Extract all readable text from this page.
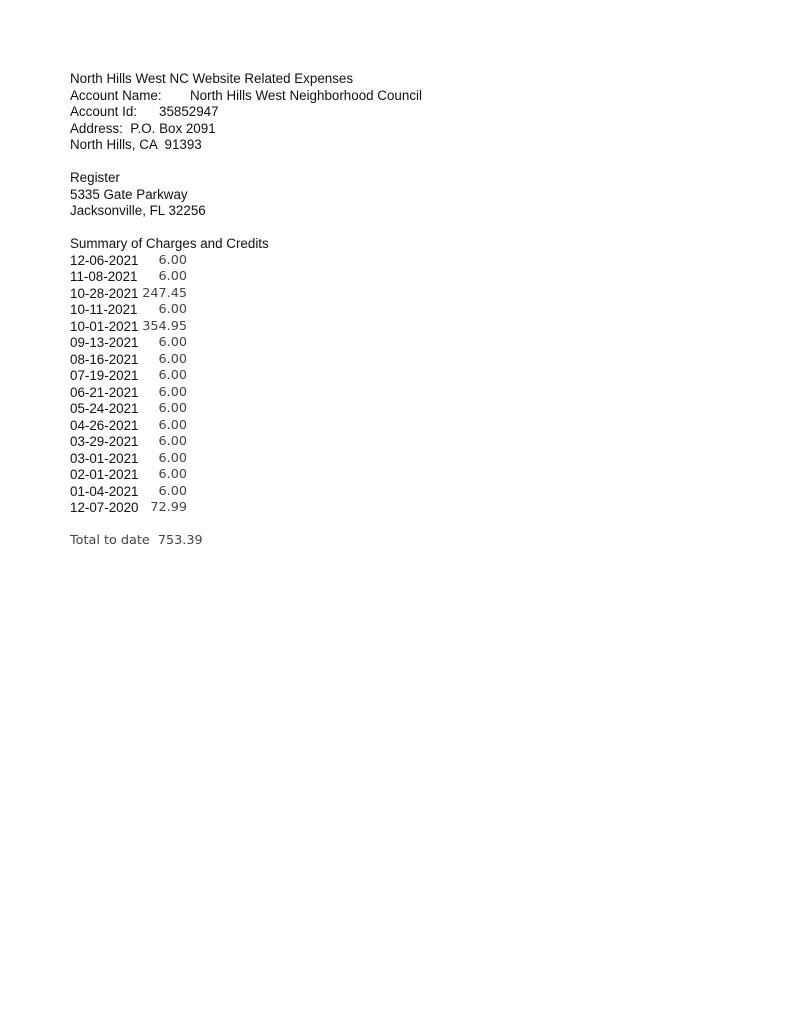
North Hills West NC Website Related Expenses
Account Name: North Hills West Neighborhood Council
Account Id: 35852947
Address:  P.O. Box 2091
North Hills, CA  91393
Register
5335 Gate Parkway
Jacksonville, FL 32256
Summary of Charges and Credits
12-06-2021	6.00
11-08-2021	6.00
10-28-2021 247.45
10-11-2021	6.00
10-01-2021 354.95
09-13-2021	6.00
08-16-2021	6.00
07-19-2021	6.00
06-21-2021	6.00
05-24-2021	6.00
04-26-2021	6.00
03-29-2021	6.00
03-01-2021	6.00
02-01-2021	6.00
01-04-2021	6.00
12-07-2020 72.99
Total to date 753.39
